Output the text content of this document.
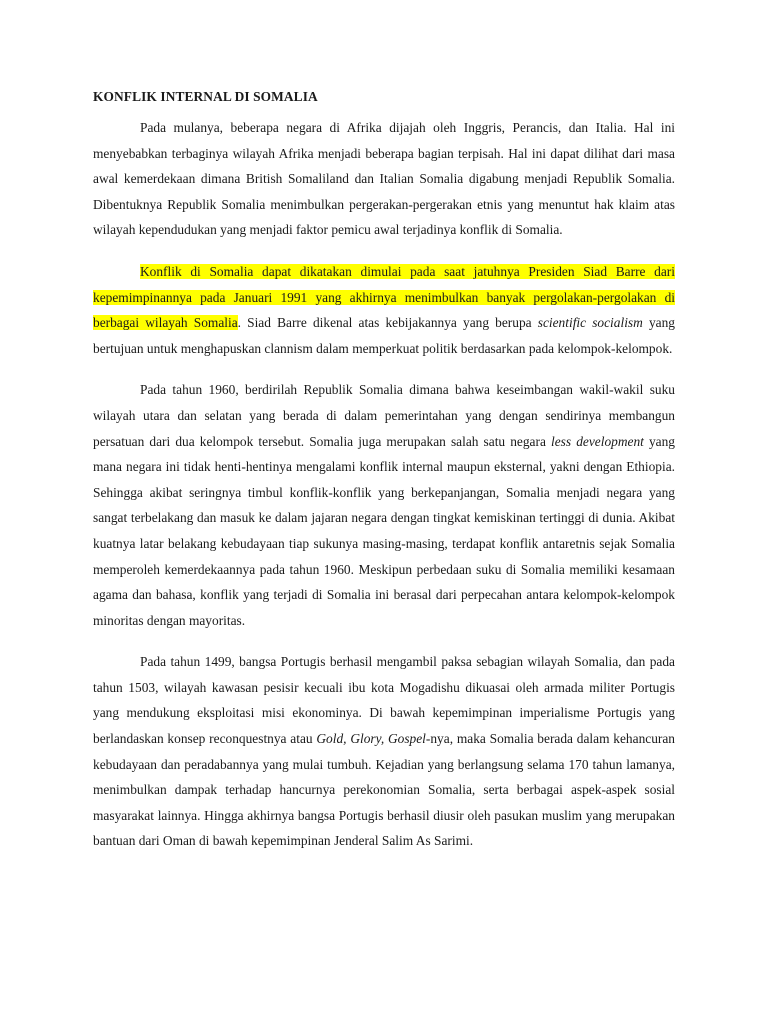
KONFLIK INTERNAL DI SOMALIA

Pada mulanya, beberapa negara di Afrika dijajah oleh Inggris, Perancis, dan Italia. Hal ini menyebabkan terbaginya wilayah Afrika menjadi beberapa bagian terpisah. Hal ini dapat dilihat dari masa awal kemerdekaan dimana British Somaliland dan Italian Somalia digabung menjadi Republik Somalia. Dibentuknya Republik Somalia menimbulkan pergerakan-pergerakan etnis yang menuntut hak klaim atas wilayah kependudukan yang menjadi faktor pemicu awal terjadinya konflik di Somalia.

Konflik di Somalia dapat dikatakan dimulai pada saat jatuhnya Presiden Siad Barre dari kepemimpinannya pada Januari 1991 yang akhirnya menimbulkan banyak pergolakan-pergolakan di berbagai wilayah Somalia. Siad Barre dikenal atas kebijakannya yang berupa scientific socialism yang bertujuan untuk menghapuskan clannism dalam memperkuat politik berdasarkan pada kelompok-kelompok.

Pada tahun 1960, berdirilah Republik Somalia dimana bahwa keseimbangan wakil-wakil suku wilayah utara dan selatan yang berada di dalam pemerintahan yang dengan sendirinya membangun persatuan dari dua kelompok tersebut. Somalia juga merupakan salah satu negara less development yang mana negara ini tidak henti-hentinya mengalami konflik internal maupun eksternal, yakni dengan Ethiopia. Sehingga akibat seringnya timbul konflik-konflik yang berkepanjangan, Somalia menjadi negara yang sangat terbelakang dan masuk ke dalam jajaran negara dengan tingkat kemiskinan tertinggi di dunia. Akibat kuatnya latar belakang kebudayaan tiap sukunya masing-masing, terdapat konflik antaretnis sejak Somalia memperoleh kemerdekaannya pada tahun 1960. Meskipun perbedaan suku di Somalia memiliki kesamaan agama dan bahasa, konflik yang terjadi di Somalia ini berasal dari perpecahan antara kelompok-kelompok minoritas dengan mayoritas.

Pada tahun 1499, bangsa Portugis berhasil mengambil paksa sebagian wilayah Somalia, dan pada tahun 1503, wilayah kawasan pesisir kecuali ibu kota Mogadishu dikuasai oleh armada militer Portugis yang mendukung eksploitasi misi ekonominya. Di bawah kepemimpinan imperialisme Portugis yang berlandaskan konsep reconquestnya atau Gold, Glory, Gospel-nya, maka Somalia berada dalam kehancuran kebudayaan dan peradabannya yang mulai tumbuh. Kejadian yang berlangsung selama 170 tahun lamanya, menimbulkan dampak terhadap hancurnya perekonomian Somalia, serta berbagai aspek-aspek sosial masyarakat lainnya. Hingga akhirnya bangsa Portugis berhasil diusir oleh pasukan muslim yang merupakan bantuan dari Oman di bawah kepemimpinan Jenderal Salim As Sarimi.
